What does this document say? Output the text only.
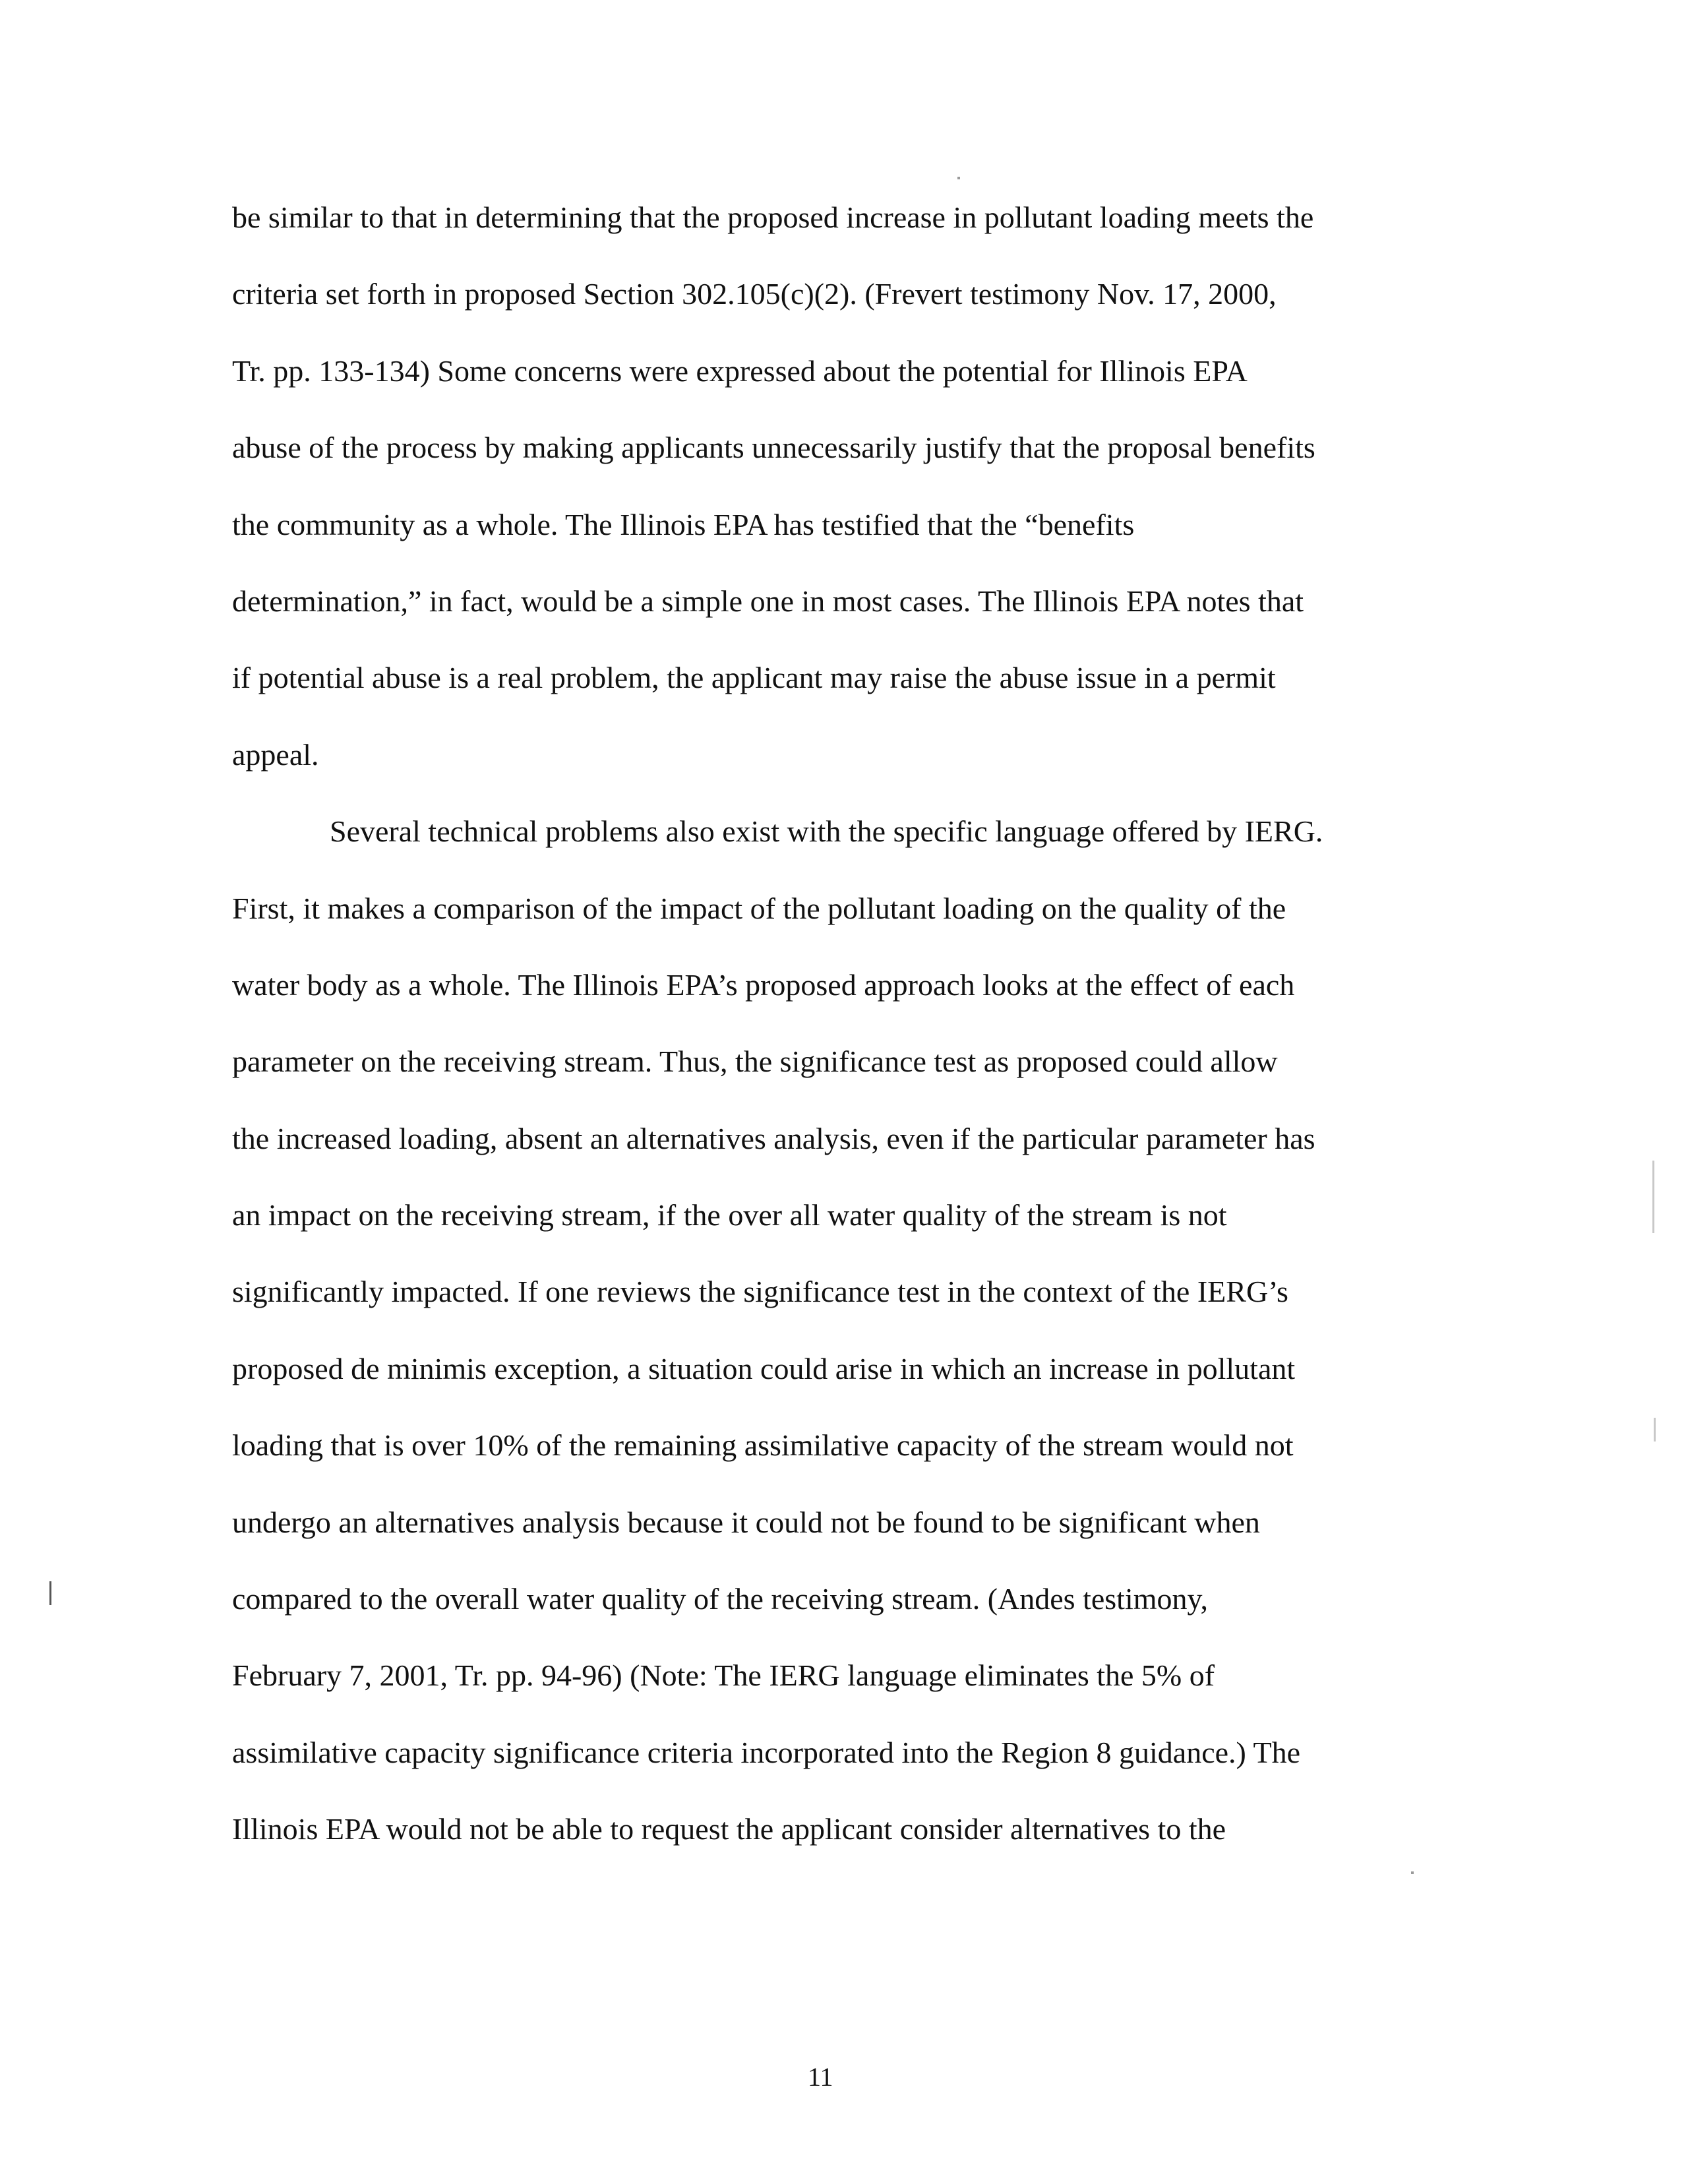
be similar to that in determining that the proposed increase in pollutant loading meets the
criteria set forth in proposed Section 302.105(c)(2). (Frevert testimony Nov. 17, 2000,
Tr. pp. 133-134) Some concerns were expressed about the potential for Illinois EPA
abuse of the process by making applicants unnecessarily justify that the proposal benefits
the community as a whole. The Illinois EPA has testified that the “benefits
determination,” in fact, would be a simple one in most cases. The Illinois EPA notes that
if potential abuse is a real problem, the applicant may raise the abuse issue in a permit
appeal.
Several technical problems also exist with the specific language offered by IERG.
First, it makes a comparison of the impact of the pollutant loading on the quality of the
water body as a whole. The Illinois EPA’s proposed approach looks at the effect of each
parameter on the receiving stream. Thus, the significance test as proposed could allow
the increased loading, absent an alternatives analysis, even if the particular parameter has
an impact on the receiving stream, if the over all water quality of the stream is not
significantly impacted. If one reviews the significance test in the context of the IERG’s
proposed de minimis exception, a situation could arise in which an increase in pollutant
loading that is over 10% of the remaining assimilative capacity of the stream would not
undergo an alternatives analysis because it could not be found to be significant when
compared to the overall water quality of the receiving stream. (Andes testimony,
February 7, 2001, Tr. pp. 94-96) (Note: The IERG language eliminates the 5% of
assimilative capacity significance criteria incorporated into the Region 8 guidance.) The
Illinois EPA would not be able to request the applicant consider alternatives to the
11
